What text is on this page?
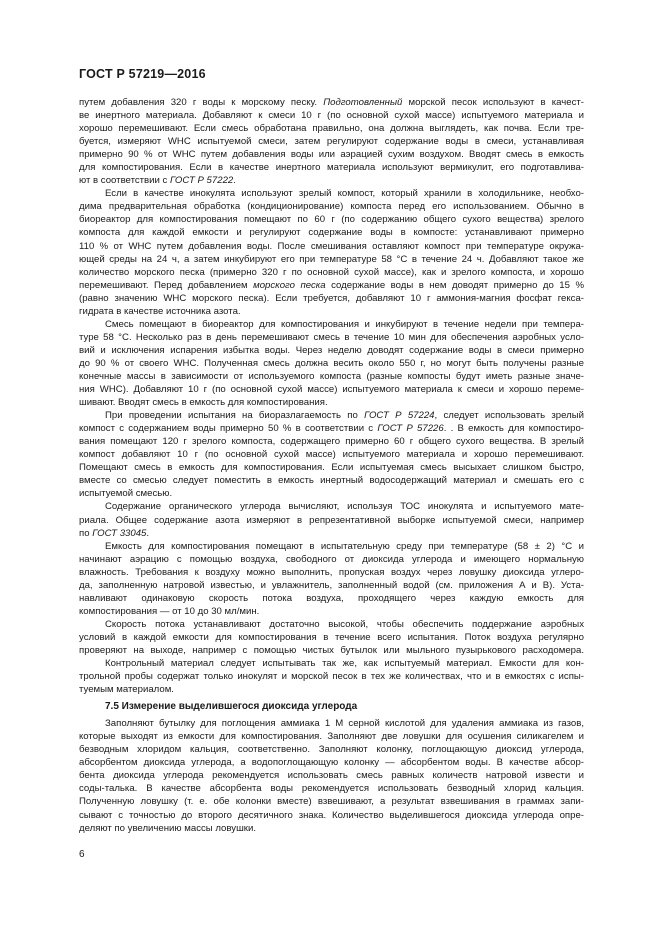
ГОСТ Р 57219—2016
путем добавления 320 г воды к морскому песку. Подготовленный морской песок используют в качест-
ве инертного материала. Добавляют к смеси 10 г (по основной сухой массе) испытуемого материала и
хорошо перемешивают. Если смесь обработана правильно, она должна выглядеть, как почва. Если тре-
буется, измеряют WHC испытуемой смеси, затем регулируют содержание воды в смеси, устанавливая
примерно 90 % от WHC путем добавления воды или аэрацией сухим воздухом. Вводят смесь в емкость
для компостирования. Если в качестве инертного материала используют вермикулит, его подготавлива-
ют в соответствии с ГОСТ Р 57222.
Если в качестве инокулята используют зрелый компост, который хранили в холодильнике, необхо-
дима предварительная обработка (кондиционирование) компоста перед его использованием. Обычно в
биореактор для компостирования помещают по 60 г (по содержанию общего сухого вещества) зрелого
компоста для каждой емкости и регулируют содержание воды в компосте: устанавливают примерно
110 % от WHC путем добавления воды. После смешивания оставляют компост при температуре окружа-
ющей среды на 24 ч, а затем инкубируют его при температуре 58 °С в течение 24 ч. Добавляют такое же
количество морского песка (примерно 320 г по основной сухой массе), как и зрелого компоста, и хорошо
перемешивают. Перед добавлением морского песка содержание воды в нем доводят примерно до 15 %
(равно значению WHC морского песка). Если требуется, добавляют 10 г аммония-магния фосфат гекса-
гидрата в качестве источника азота.
Смесь помещают в биореактор для компостирования и инкубируют в течение недели при темпера-
туре 58 °С. Несколько раз в день перемешивают смесь в течение 10 мин для обеспечения аэробных усло-
вий и исключения испарения избытка воды. Через неделю доводят содержание воды в смеси примерно
до 90 % от своего WHC. Полученная смесь должна весить около 550 г, но могут быть получены разные
конечные массы в зависимости от используемого компоста (разные компосты будут иметь разные значе-
ния WHC). Добавляют 10 г (по основной сухой массе) испытуемого материала к смеси и хорошо переме-
шивают. Вводят смесь в емкость для компостирования.
При проведении испытания на биоразлагаемость по ГОСТ Р 57224, следует использовать зрелый
компост с содержанием воды примерно 50 % в соответствии с ГОСТ Р 57226. . В емкость для компостиро-
вания помещают 120 г зрелого компоста, содержащего примерно 60 г общего сухого вещества. В зрелый
компост добавляют 10 г (по основной сухой массе) испытуемого материала и хорошо перемешивают.
Помещают смесь в емкость для компостирования. Если испытуемая смесь высыхает слишком быстро,
вместе со смесью следует поместить в емкость инертный водосодержащий материал и смешать его с
испытуемой смесью.
Содержание органического углерода вычисляют, используя ТОС инокулята и испытуемого мате-
риала. Общее содержание азота измеряют в репрезентативной выборке испытуемой смеси, например
по ГОСТ 33045.
Емкость для компостирования помещают в испытательную среду при температуре (58 ± 2) °С и
начинают аэрацию с помощью воздуха, свободного от диоксида углерода и имеющего нормальную
влажность. Требования к воздуху можно выполнить, пропуская воздух через ловушку диоксида углеро-
да, заполненную натровой известью, и увлажнитель, заполненный водой (см. приложения А и В). Уста-
навливают одинаковую скорость потока воздуха, проходящего через каждую емкость для
компостирования — от 10 до 30 мл/мин.
Скорость потока устанавливают достаточно высокой, чтобы обеспечить поддержание аэробных
условий в каждой емкости для компостирования в течение всего испытания. Поток воздуха регулярно
проверяют на выходе, например с помощью чистых бутылок или мыльного пузырькового расходомера.
Контрольный материал следует испытывать так же, как испытуемый материал. Емкости для кон-
трольной пробы содержат только инокулят и морской песок в тех же количествах, что и в емкостях с испы-
туемым материалом.
7.5 Измерение выделившегося диоксида углерода
Заполняют бутылку для поглощения аммиака 1 М серной кислотой для удаления аммиака из газов,
которые выходят из емкости для компостирования. Заполняют две ловушки для осушения силикагелем и
безводным хлоридом кальция, соответственно. Заполняют колонку, поглощающую диоксид углерода,
абсорбентом диоксида углерода, а водопоглощающую колонку — абсорбентом воды. В качестве абсор-
бента диоксида углерода рекомендуется использовать смесь равных количеств натровой извести и
соды-талька. В качестве абсорбента воды рекомендуется использовать безводный хлорид кальция.
Полученную ловушку (т. е. обе колонки вместе) взвешивают, а результат взвешивания в граммах запи-
сывают с точностью до второго десятичного знака. Количество выделившегося диоксида углерода опре-
деляют по увеличению массы ловушки.
6
